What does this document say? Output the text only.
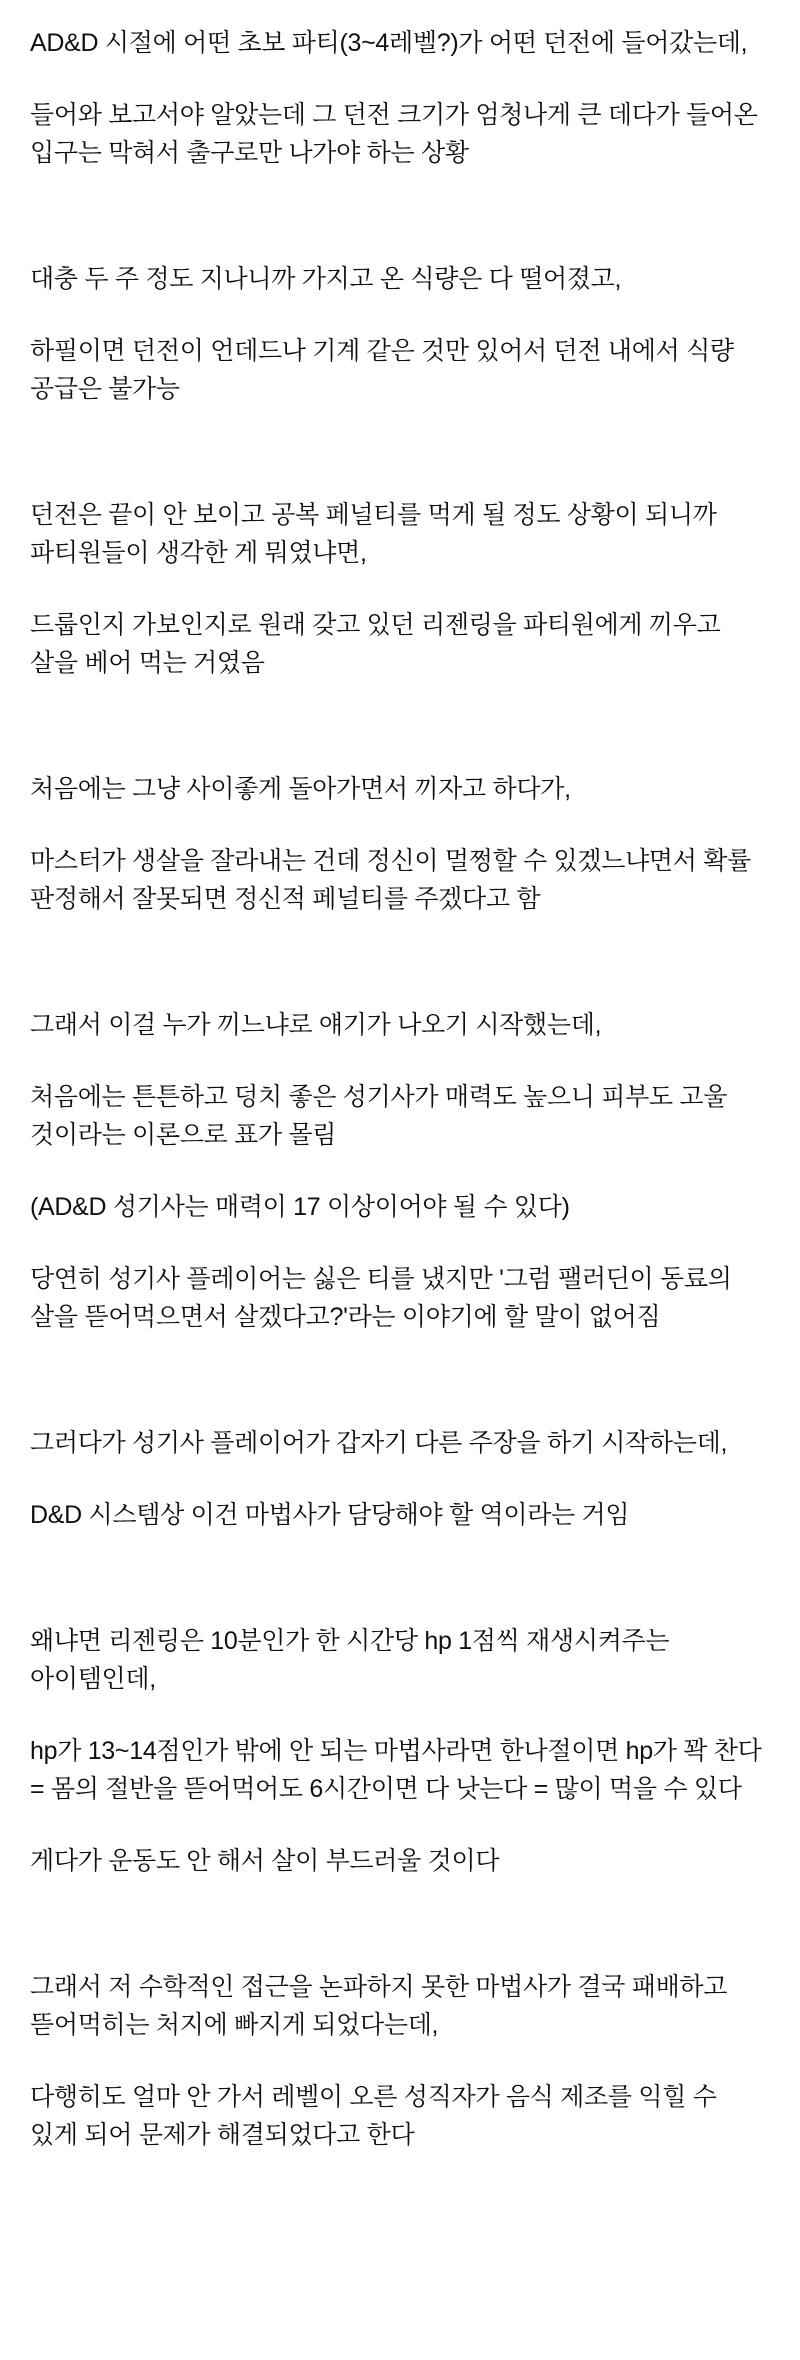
AD&D 시절에 어떤 초보 파티(3~4레벨?)가 어떤 던전에 들어갔는데,

들어와 보고서야 알았는데 그 던전 크기가 엄청나게 큰 데다가 들어온 입구는 막혀서 출구로만 나가야 하는 상황

대충 두 주 정도 지나니까 가지고 온 식량은 다 떨어졌고,

하필이면 던전이 언데드나 기계 같은 것만 있어서 던전 내에서 식량 공급은 불가능

던전은 끝이 안 보이고 공복 페널티를 먹게 될 정도 상황이 되니까 파티원들이 생각한 게 뭐였냐면,

드룹인지 가보인지로 원래 갖고 있던 리젠링을 파티원에게 끼우고 살을 베어 먹는 거였음

처음에는 그냥 사이좋게 돌아가면서 끼자고 하다가,

마스터가 생살을 잘라내는 건데 정신이 멀쩡할 수 있겠느냐면서 확률 판정해서 잘못되면 정신적 페널티를 주겠다고 함

그래서 이걸 누가 끼느냐로 얘기가 나오기 시작했는데,

처음에는 튼튼하고 덩치 좋은 성기사가 매력도 높으니 피부도 고울 것이라는 이론으로 표가 몰림

(AD&D 성기사는 매력이 17 이상이어야 될 수 있다)

당연히 성기사 플레이어는 싫은 티를 냈지만 '그럼 팰러딘이 동료의 살을 뜯어먹으면서 살겠다고?'라는 이야기에 할 말이 없어짐

그러다가 성기사 플레이어가 갑자기 다른 주장을 하기 시작하는데,

D&D 시스템상 이건 마법사가 담당해야 할 역이라는 거임

왜냐면 리젠링은 10분인가 한 시간당 hp 1점씩 재생시켜주는 아이템인데,

hp가 13~14점인가 밖에 안 되는 마법사라면 한나절이면 hp가 꽉 찬다 = 몸의 절반을 뜯어먹어도 6시간이면 다 낫는다 = 많이 먹을 수 있다

게다가 운동도 안 해서 살이 부드러울 것이다

그래서 저 수학적인 접근을 논파하지 못한 마법사가 결국 패배하고 뜯어먹히는 처지에 빠지게 되었다는데,

다행히도 얼마 안 가서 레벨이 오른 성직자가 음식 제조를 익힐 수 있게 되어 문제가 해결되었다고 한다
